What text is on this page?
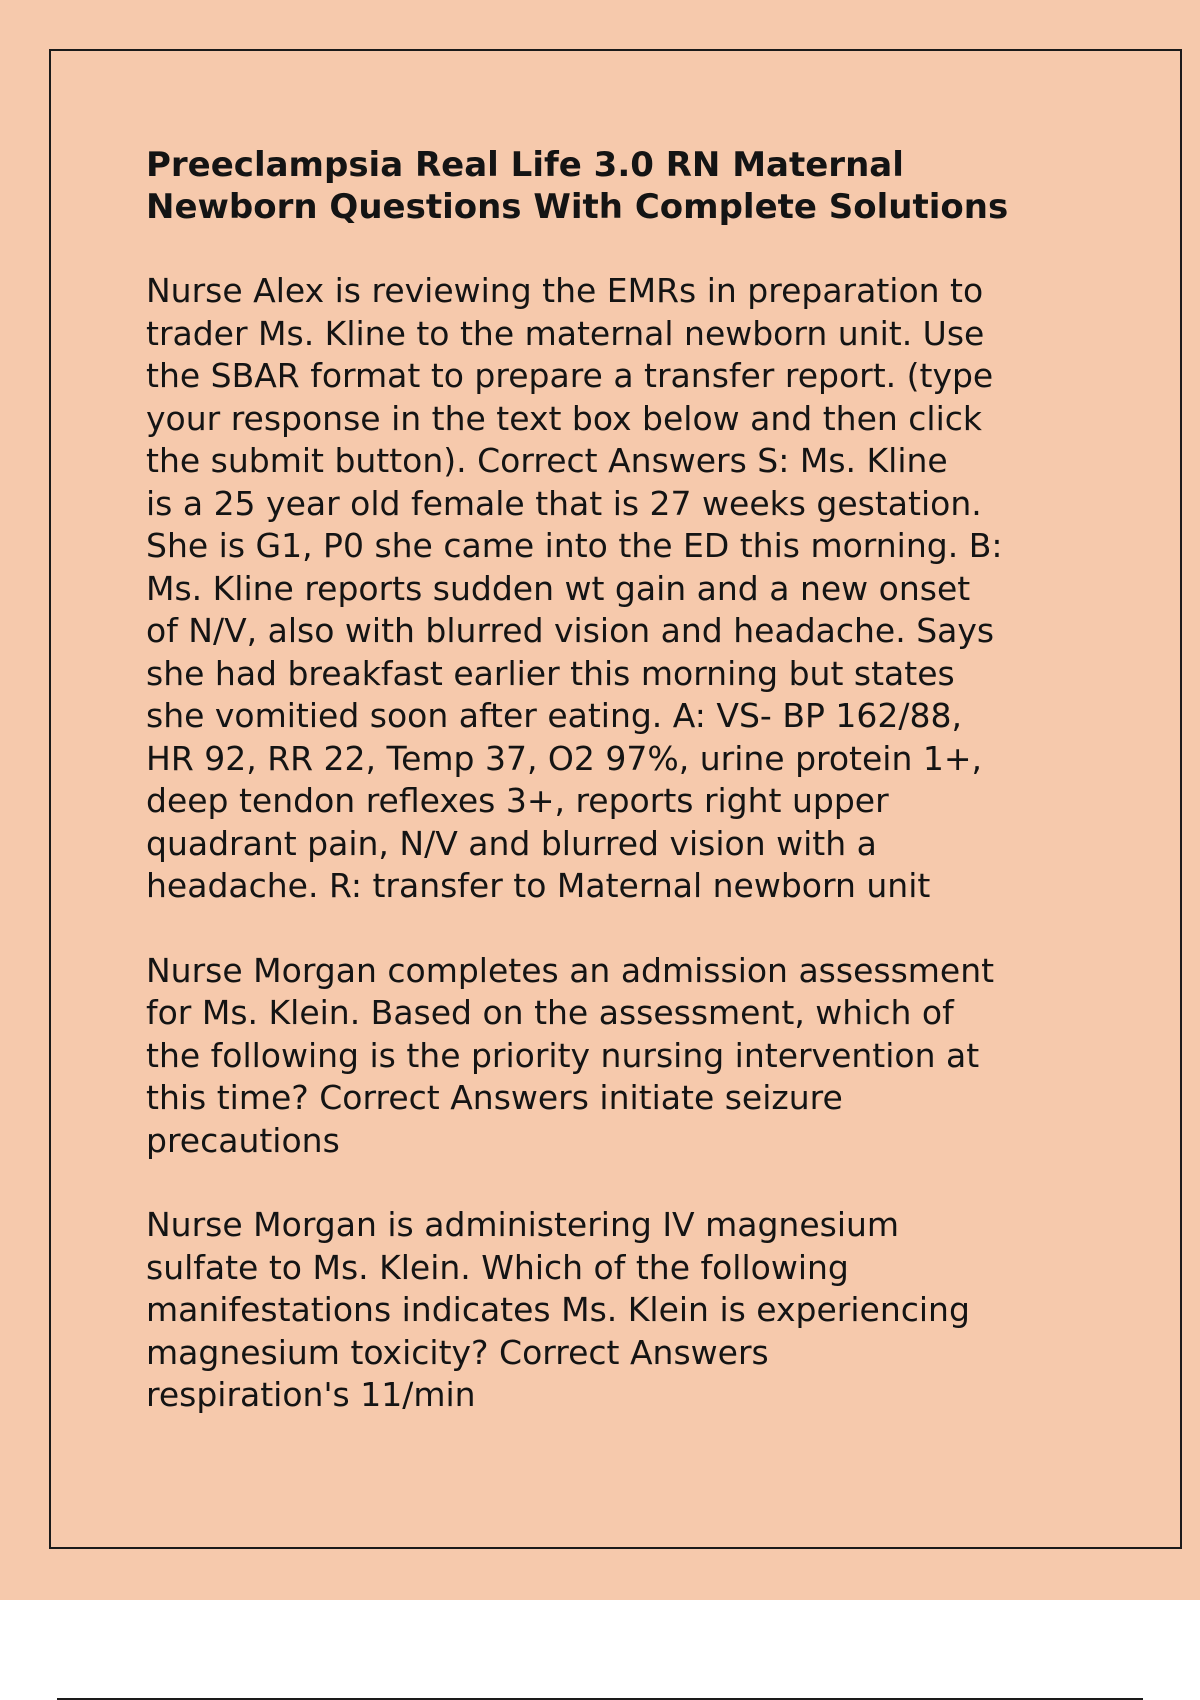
Preeclampsia Real Life 3.0 RN Maternal
Newborn Questions With Complete Solutions

Nurse Alex is reviewing the EMRs in preparation to
trader Ms. Kline to the maternal newborn unit. Use
the SBAR format to prepare a transfer report. (type
your response in the text box below and then click
the submit button). Correct Answers S: Ms. Kline
is a 25 year old female that is 27 weeks gestation.
She is G1, P0 she came into the ED this morning. B:
Ms. Kline reports sudden wt gain and a new onset
of N/V, also with blurred vision and headache. Says
she had breakfast earlier this morning but states
she vomitied soon after eating. A: VS- BP 162/88,
HR 92, RR 22, Temp 37, O2 97%, urine protein 1+,
deep tendon reflexes 3+, reports right upper
quadrant pain, N/V and blurred vision with a
headache. R: transfer to Maternal newborn unit

Nurse Morgan completes an admission assessment
for Ms. Klein. Based on the assessment, which of
the following is the priority nursing intervention at
this time? Correct Answers initiate seizure
precautions

Nurse Morgan is administering IV magnesium
sulfate to Ms. Klein. Which of the following
manifestations indicates Ms. Klein is experiencing
magnesium toxicity? Correct Answers
respiration's 11/min
